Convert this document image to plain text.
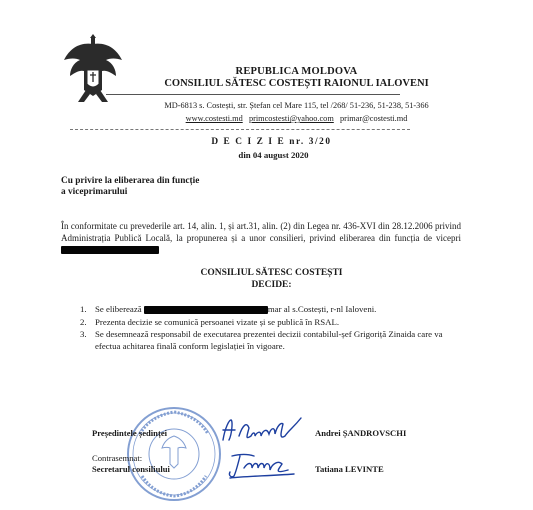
REPUBLICA MOLDOVA
CONSILIUL SĂTESC COSTEȘTI RAIONUL IALOVENI
MD-6813 s. Costești, str. Ștefan cel Mare 115, tel /268/ 51-236, 51-238, 51-366
www.costesti.md primcostesti@yahoo.com primar@costesti.md
D E C I Z I E nr. 3/20
din 04 august 2020
Cu privire la eliberarea din funcție
a viceprimarului
În conformitate cu prevederile art. 14, alin. 1, și art.31, alin. (2) din Legea nr. 436-XVI din 28.12.2006 privind Administrația Publică Locală, la propunerea și a unor consilieri, privind eliberarea din funcția de vicepri
CONSILIUL SĂTESC COSTEȘTI
DECIDE:
1. Se eliberează	mar al s.Costești, r-nl Ialoveni.
2. Prezenta decizie se comunică persoanei vizate și se publică în RSAL.
3. Se desemnează responsabil de executarea prezentei decizii contabilul-șef Grigoriță Zinaida care va efectua achitarea finală conform legislației în vigoare.
Președintele ședinței	Andrei ȘANDROVSCHI
Contrasemnat:
Secretarul consiliului	Tatiana LEVINTE
